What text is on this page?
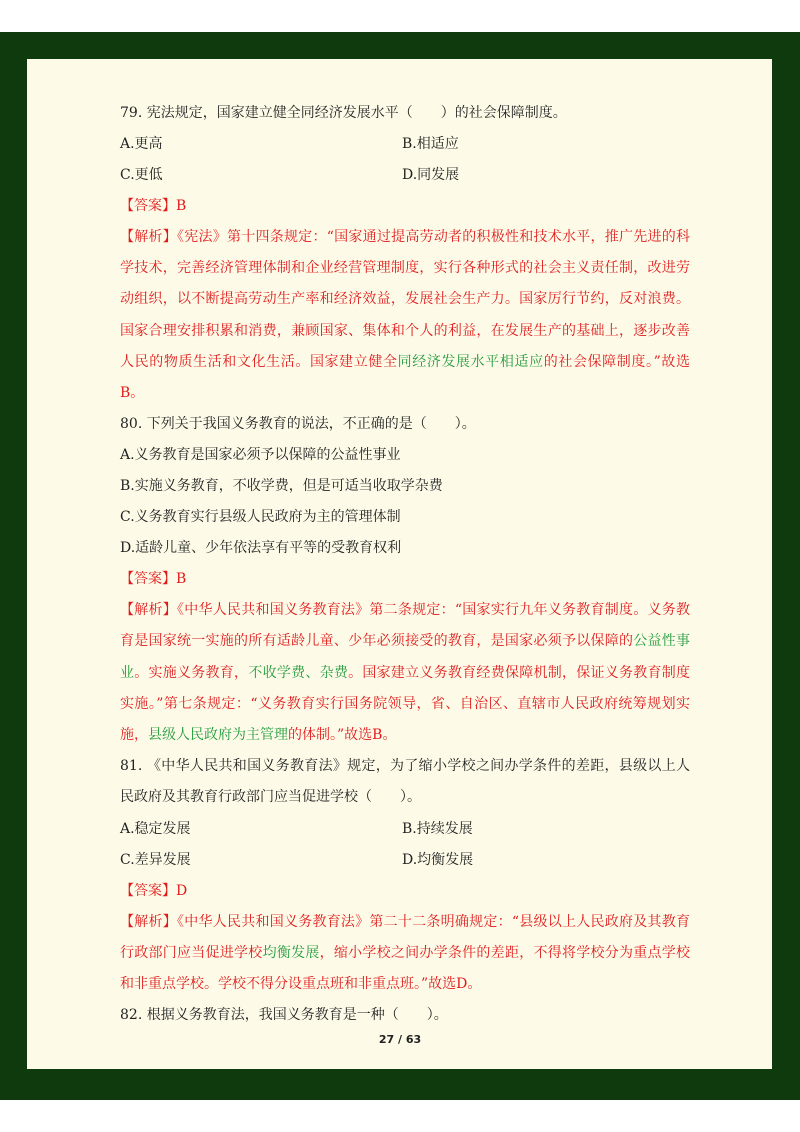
79. 宪法规定，国家建立健全同经济发展水平（　　）的社会保障制度。
A.更高	B.相适应
C.更低	D.同发展
【答案】B

【解析】《宪法》第十四条规定：“国家通过提高劳动者的积极性和技术水平，推广先进的科学技术，完善经济管理体制和企业经营管理制度，实行各种形式的社会主义责任制，改进劳动组织，以不断提高劳动生产率和经济效益，发展社会生产力。国家厉行节约，反对浪费。国家合理安排积累和消费，兼顾国家、集体和个人的利益，在发展生产的基础上，逐步改善人民的物质生活和文化生活。国家建立健全同经济发展水平相适应的社会保障制度。”故选B。

80. 下列关于我国义务教育的说法，不正确的是（　　）。
A.义务教育是国家必须予以保障的公益性事业
B.实施义务教育，不收学费，但是可适当收取学杂费
C.义务教育实行县级人民政府为主的管理体制
D.适龄儿童、少年依法享有平等的受教育权利
【答案】B

【解析】《中华人民共和国义务教育法》第二条规定：“国家实行九年义务教育制度。义务教育是国家统一实施的所有适龄儿童、少年必须接受的教育，是国家必须予以保障的公益性事业。实施义务教育，不收学费、杂费。国家建立义务教育经费保障机制，保证义务教育制度实施。”第七条规定：“义务教育实行国务院领导，省、自治区、直辖市人民政府统筹规划实施，县级人民政府为主管理的体制。”故选B。

81. 《中华人民共和国义务教育法》规定，为了缩小学校之间办学条件的差距，县级以上人民政府及其教育行政部门应当促进学校（　　）。

A.稳定发展	B.持续发展
C.差异发展	D.均衡发展
【答案】D

【解析】《中华人民共和国义务教育法》第二十二条明确规定：“县级以上人民政府及其教育行政部门应当促进学校均衡发展，缩小学校之间办学条件的差距，不得将学校分为重点学校和非重点学校。学校不得分设重点班和非重点班。”故选D。

82. 根据义务教育法，我国义务教育是一种（　　）。
27 / 63
